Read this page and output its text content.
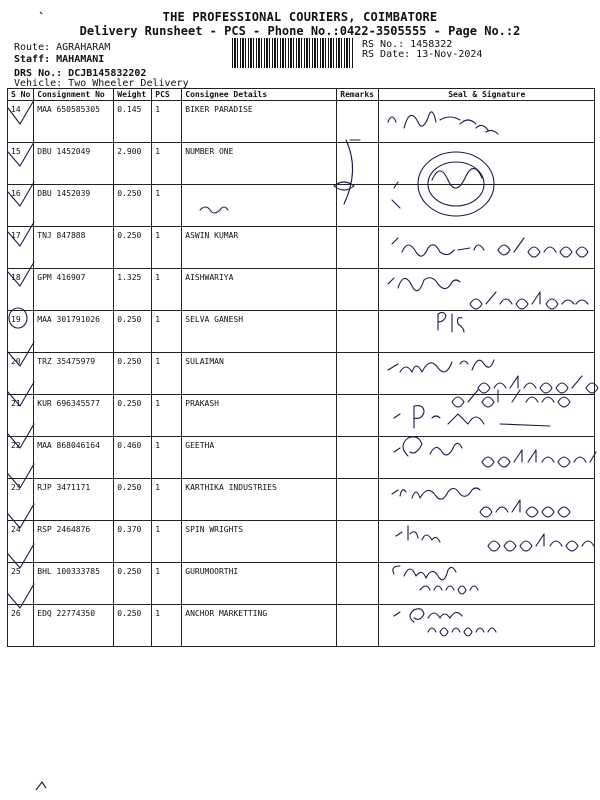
THE PROFESSIONAL COURIERS, COIMBATORE
Delivery Runsheet - PCS - Phone No.:0422-3505555 - Page No.:2
Route: AGRAHARAM
Staff: MAHAMANI
DRS No.: DCJB145832202
Vehicle: Two Wheeler Delivery
RS No.: 1458322
RS Date: 13-Nov-2024
S No	Consignment No	Weight	PCS	Consignee Details	Remarks	Seal & Signature
14	MAA 650585305	0.145	1	BIKER PARADISE		
15	DBU 1452049	2.900	1	NUMBER ONE		
16	DBU 1452039	0.250	1			
17	TNJ 847888	0.250	1	ASWIN KUMAR		
18	GPM 416907	1.325	1	AISHWARIYA		
19	MAA 301791026	0.250	1	SELVA GANESH		
20	TRZ 35475979	0.250	1	SULAIMAN		
21	KUR 696345577	0.250	1	PRAKASH		
22	MAA 868046164	0.460	1	GEETHA		
23	RJP 3471171	0.250	1	KARTHIKA INDUSTRIES		
24	RSP 2464876	0.370	1	SPIN WRIGHTS		
25	BHL 100333785	0.250	1	GURUMOORTHI		
26	EDQ 22774350	0.250	1	ANCHOR MARKETTING		
